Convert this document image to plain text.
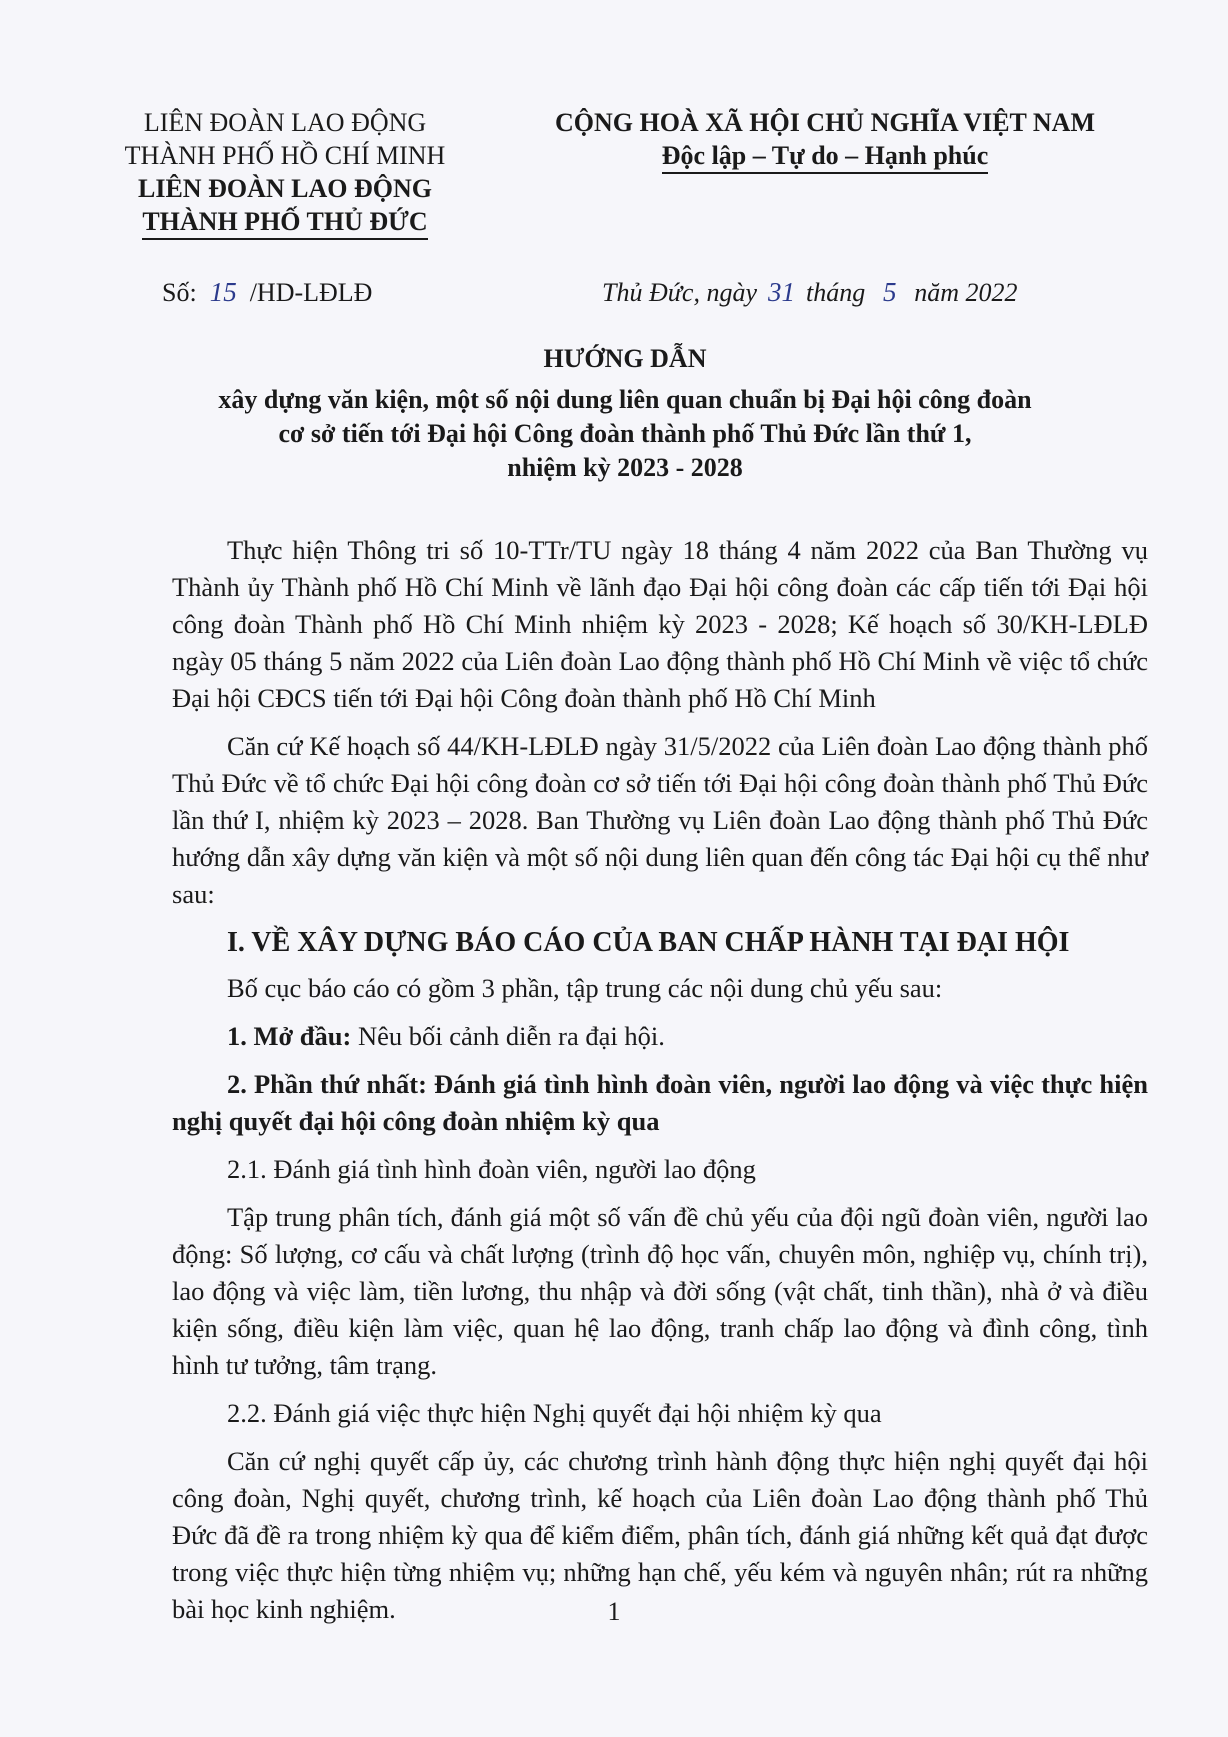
LIÊN ĐOÀN LAO ĐỘNG
THÀNH PHỐ HỒ CHÍ MINH
LIÊN ĐOÀN LAO ĐỘNG
THÀNH PHỐ THỦ ĐỨC
CỘNG HOÀ XÃ HỘI CHỦ NGHĨA VIỆT NAM
Độc lập – Tự do – Hạnh phúc
Số: 15 /HD-LĐLĐ	Thủ Đức, ngày 31 tháng 5 năm 2022
HƯỚNG DẪN
xây dựng văn kiện, một số nội dung liên quan chuẩn bị Đại hội công đoàn
cơ sở tiến tới Đại hội Công đoàn thành phố Thủ Đức lần thứ 1,
nhiệm kỳ 2023 - 2028

Thực hiện Thông tri số 10-TTr/TU ngày 18 tháng 4 năm 2022 của Ban Thường vụ Thành ủy Thành phố Hồ Chí Minh về lãnh đạo Đại hội công đoàn các cấp tiến tới Đại hội công đoàn Thành phố Hồ Chí Minh nhiệm kỳ 2023 - 2028; Kế hoạch số 30/KH-LĐLĐ ngày 05 tháng 5 năm 2022 của Liên đoàn Lao động thành phố Hồ Chí Minh về việc tổ chức Đại hội CĐCS tiến tới Đại hội Công đoàn thành phố Hồ Chí Minh

Căn cứ Kế hoạch số 44/KH-LĐLĐ ngày 31/5/2022 của Liên đoàn Lao động thành phố Thủ Đức về tổ chức Đại hội công đoàn cơ sở tiến tới Đại hội công đoàn thành phố Thủ Đức lần thứ I, nhiệm kỳ 2023 – 2028. Ban Thường vụ Liên đoàn Lao động thành phố Thủ Đức hướng dẫn xây dựng văn kiện và một số nội dung liên quan đến công tác Đại hội cụ thể như sau:

I. VỀ XÂY DỰNG BÁO CÁO CỦA BAN CHẤP HÀNH TẠI ĐẠI HỘI

Bố cục báo cáo có gồm 3 phần, tập trung các nội dung chủ yếu sau:

1. Mở đầu: Nêu bối cảnh diễn ra đại hội.

2. Phần thứ nhất: Đánh giá tình hình đoàn viên, người lao động và việc thực hiện nghị quyết đại hội công đoàn nhiệm kỳ qua

2.1. Đánh giá tình hình đoàn viên, người lao động

Tập trung phân tích, đánh giá một số vấn đề chủ yếu của đội ngũ đoàn viên, người lao động: Số lượng, cơ cấu và chất lượng (trình độ học vấn, chuyên môn, nghiệp vụ, chính trị), lao động và việc làm, tiền lương, thu nhập và đời sống (vật chất, tinh thần), nhà ở và điều kiện sống, điều kiện làm việc, quan hệ lao động, tranh chấp lao động và đình công, tình hình tư tưởng, tâm trạng.

2.2. Đánh giá việc thực hiện Nghị quyết đại hội nhiệm kỳ qua

Căn cứ nghị quyết cấp ủy, các chương trình hành động thực hiện nghị quyết đại hội công đoàn, Nghị quyết, chương trình, kế hoạch của Liên đoàn Lao động thành phố Thủ Đức đã đề ra trong nhiệm kỳ qua để kiểm điểm, phân tích, đánh giá những kết quả đạt được trong việc thực hiện từng nhiệm vụ; những hạn chế, yếu kém và nguyên nhân; rút ra những bài học kinh nghiệm.	1
